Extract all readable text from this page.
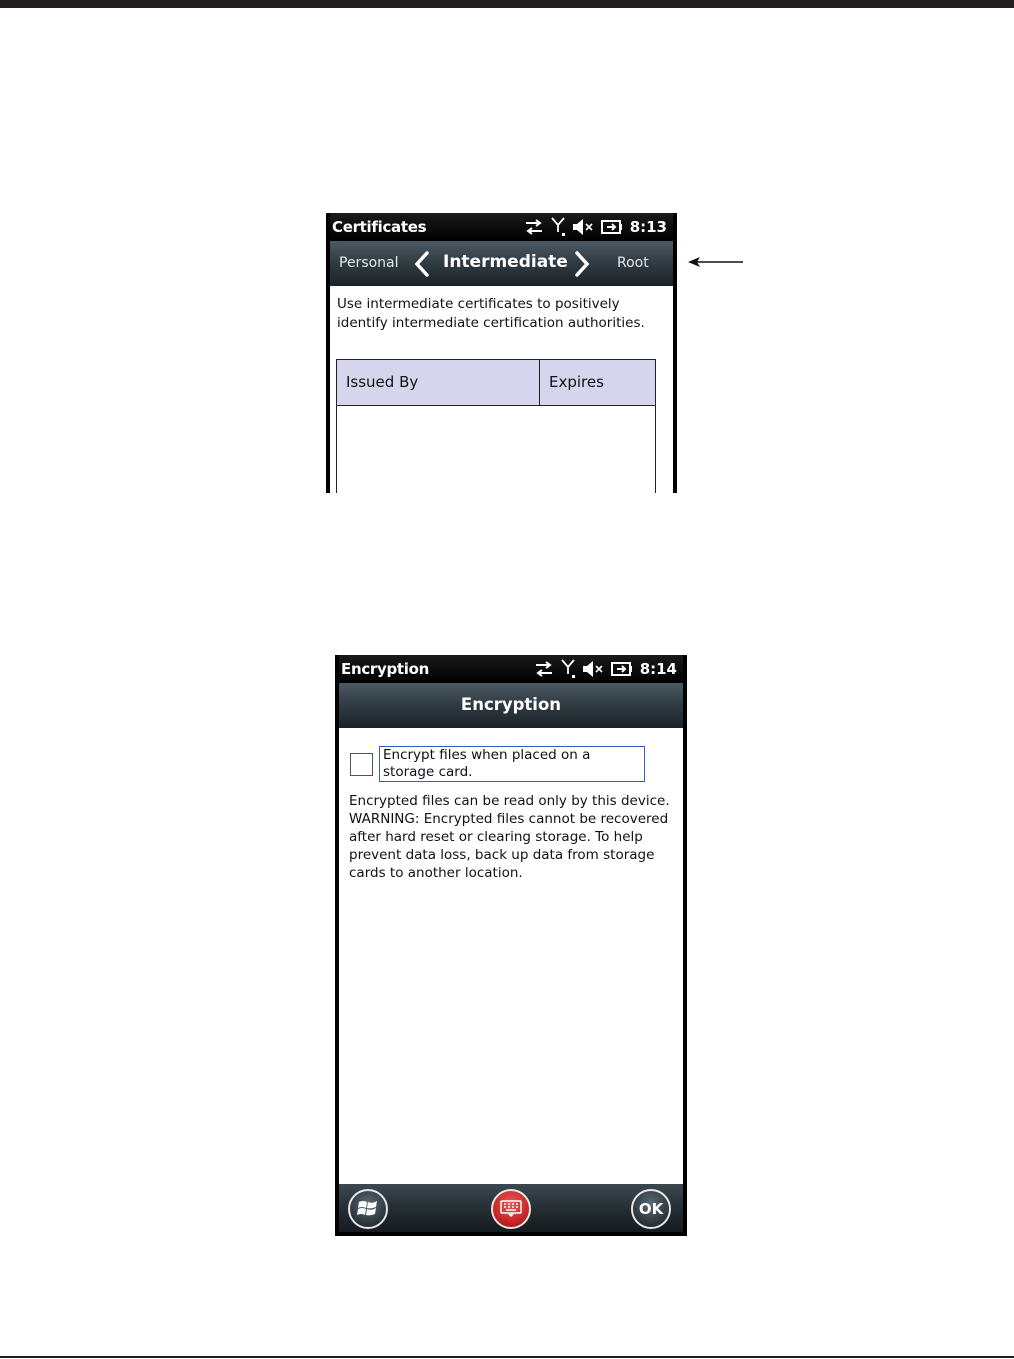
Certificates	8:13
Personal	Intermediate	Root
Use intermediate certificates to positively identify intermediate certification authorities.
Issued By	Expires
Encryption	8:14
Encryption
Encrypt files when placed on a storage card.
Encrypted files can be read only by this device. WARNING: Encrypted files cannot be recovered after hard reset or clearing storage. To help prevent data loss, back up data from storage cards to another location.
OK
